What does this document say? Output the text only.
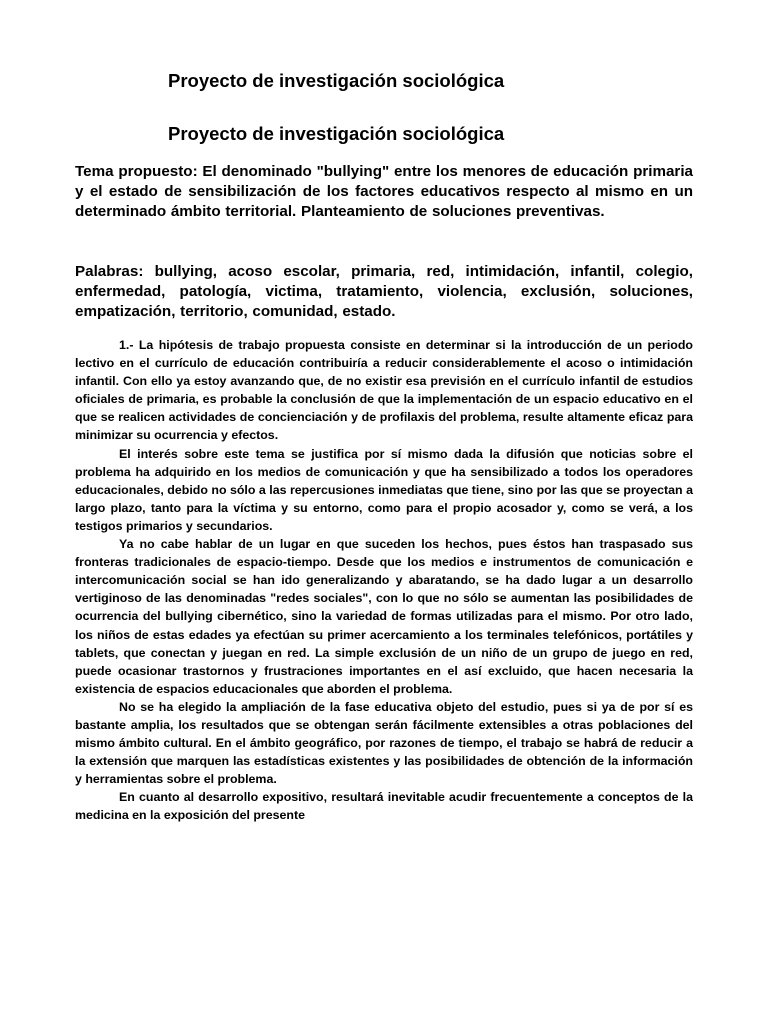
Proyecto de investigación sociológica
Proyecto de investigación sociológica

Tema propuesto: El denominado "bullying" entre los menores de educación primaria y el estado de sensibilización de los factores educativos respecto al mismo en un determinado ámbito territorial. Planteamiento de soluciones preventivas.

Palabras: bullying, acoso escolar, primaria, red, intimidación, infantil, colegio, enfermedad, patología, victima, tratamiento, violencia, exclusión, soluciones, empatización, territorio, comunidad, estado.

1.- La hipótesis de trabajo propuesta consiste en determinar si la introducción de un periodo lectivo en el currículo de educación contribuiría a reducir considerablemente el acoso o intimidación infantil. Con ello ya estoy avanzando que, de no existir esa previsión en el currículo infantil de estudios oficiales de primaria, es probable la conclusión de que la implementación de un espacio educativo en el que se realicen actividades de concienciación y de profilaxis del problema, resulte altamente eficaz para minimizar su ocurrencia y efectos.

El interés sobre este tema se justifica por sí mismo dada la difusión que noticias sobre el problema ha adquirido en los medios de comunicación y que ha sensibilizado a todos los operadores educacionales, debido no sólo a las repercusiones inmediatas que tiene, sino por las que se proyectan a largo plazo, tanto para la víctima y su entorno, como para el propio acosador y, como se verá, a los testigos primarios y secundarios.

Ya no cabe hablar de un lugar en que suceden los hechos, pues éstos han traspasado sus fronteras tradicionales de espacio-tiempo. Desde que los medios e instrumentos de comunicación e intercomunicación social se han ido generalizando y abaratando, se ha dado lugar a un desarrollo vertiginoso de las denominadas "redes sociales", con lo que no sólo se aumentan las posibilidades de ocurrencia del bullying cibernético, sino la variedad de formas utilizadas para el mismo. Por otro lado, los niños de estas edades ya efectúan su primer acercamiento a los terminales telefónicos, portátiles y tablets, que conectan y juegan en red. La simple exclusión de un niño de un grupo de juego en red, puede ocasionar trastornos y frustraciones importantes en el así excluido, que hacen necesaria la existencia de espacios educacionales que aborden el problema.

No se ha elegido la ampliación de la fase educativa objeto del estudio, pues si ya de por sí es bastante amplia, los resultados que se obtengan serán fácilmente extensibles a otras poblaciones del mismo ámbito cultural. En el ámbito geográfico, por razones de tiempo, el trabajo se habrá de reducir a la extensión que marquen las estadísticas existentes y las posibilidades de obtención de la información y herramientas sobre el problema.

En cuanto al desarrollo expositivo, resultará inevitable acudir frecuentemente a conceptos de la medicina en la exposición del presente
